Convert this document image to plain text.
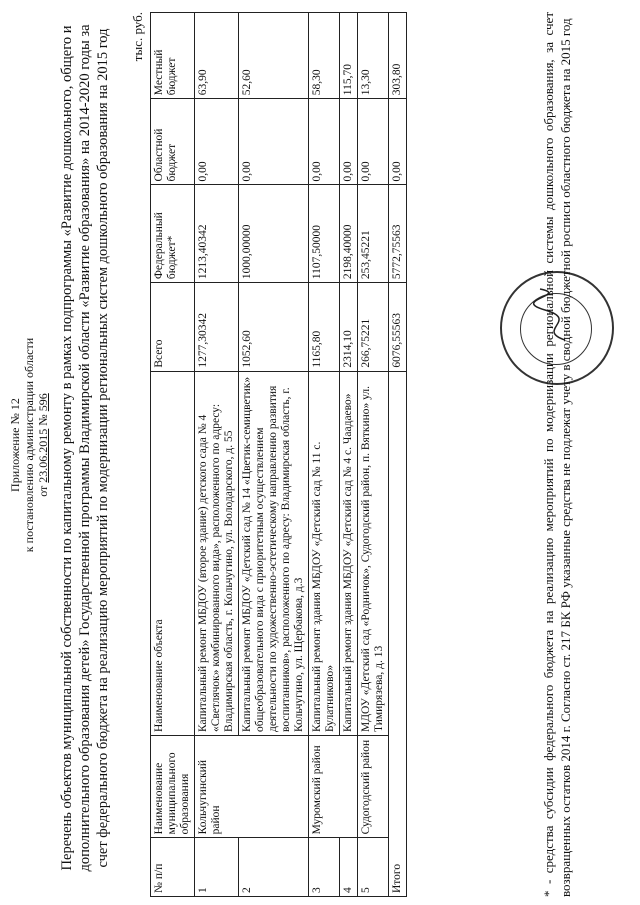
Приложение № 12 к постановлению администрации области от 23.06.2015 № 596 Перечень объектов муниципальной собственности по капитальному ремонту в рамках подпрограммы «Развитие дошкольного, общего и дополнительного образования детей» Государственной программы Владимирской области «Развитие образования» на 2014-2020 годы за счет федерального бюджета на реализацию мероприятий по модернизации региональных систем дошкольного образования на 2015 год тыс. руб.
№ п/п	Наименование муниципального образования	Наименование объекта	Всего	Федеральный бюджет*	Областной бюджет	Местный бюджет
1	Кольчугинский район	Капитальный ремонт МБДОУ (второе здание) детского сада № 4 «Светлячок» комбинированного вида», расположенного по адресу: Владимирская область, г. Кольчугино, ул. Володарского, д. 55	1277,30342	1213,40342	0,00	63,90
2		Капитальный ремонт МБДОУ «Детский сад № 14 «Цветик-семицветик» общеобразовательного вида с приоритетным осуществлением деятельности по художественно-эстетическому направлению развития воспитанников», расположенного по адресу: Владимирская область, г. Кольчугино, ул. Щербакова, д.3	1052,60	1000,00000	0,00	52,60
3	Муромский район	Капитальный ремонт здания МБДОУ «Детский сад № 11 с. Булатниково»	1165,80	1107,50000	0,00	58,30
4		Капитальный ремонт здания МБДОУ «Детский сад № 4 с. Чаадаево»	2314,10	2198,40000	0,00	115,70
5	Судогодский район	МДОУ «Детский сад «Родничок», Судогодский район, п. Вяткино» ул. Тимирязева, д. 13	266,75221	253,45221	0,00	13,30
Итого			6076,55563	5772,75563	0,00	303,80	* - средства субсидии федерального бюджета на реализацию мероприятий по модернизации региональной системы дошкольного образования, за счет возвращенных остатков 2014 г. Согласно ст. 217 БК РФ указанные средства не подлежат учету в сводной бюджетной росписи областного бюджета на 2015 год
